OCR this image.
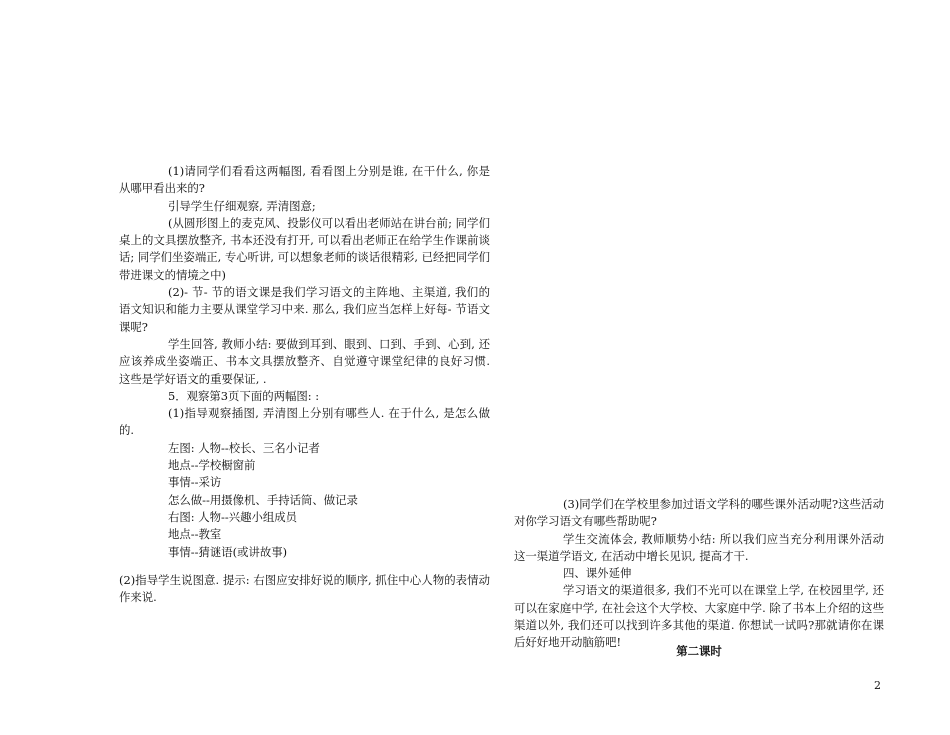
(1)请同学们看看这两幅图, 看看图上分别是谁, 在干什么, 你是从哪甲看出来的?

引导学生仔细观察, 弄清图意;

(从圆形图上的麦克风、投影仪可以看出老师站在讲台前; 同学们桌上的文具摆放整齐, 书本还没有打开, 可以看出老师正在给学生作课前谈话; 同学们坐姿端正, 专心听讲, 可以想象老师的谈话很精彩, 已经把同学们带进课文的情境之中)

(2)- 节- 节的语文课是我们学习语文的主阵地、主渠道, 我们的语文知识和能力主要从课堂学习中来. 那么, 我们应当怎样上好每- 节语文课呢?

学生回答, 教师小结: 要做到耳到、眼到、口到、手到、心到, 还应该养成坐姿端正、书本文具摆放整齐、自觉遵守课堂纪律的良好习惯. 这些是学好语文的重要保证, .

5．观察第3页下面的两幅图: :

(1)指导观察插图, 弄清图上分别有哪些人. 在于什么, 是怎么做的.

左图: 人物--校长、三名小记者

地点--学校橱窗前

事情--采访

怎么做--用摄像机、手持话筒、做记录

右图: 人物--兴趣小组成员

地点--教室

事情--猜谜语(或讲故事)

(2)指导学生说图意. 提示: 右图应安排好说的顺序, 抓住中心人物的表情动作来说.

(3)同学们在学校里参加过语文学科的哪些课外活动呢?这些活动对你学习语文有哪些帮助呢?

学生交流体会, 教师顺势小结: 所以我们应当充分利用课外活动这一渠道学语文, 在活动中增长见识, 提高才干.

四、课外延伸

学习语文的渠道很多, 我们不光可以在课堂上学, 在校园里学, 还可以在家庭中学, 在社会这个大学校、大家庭中学. 除了书本上介绍的这些渠道以外, 我们还可以找到许多其他的渠道. 你想试一试吗?那就请你在课后好好地开动脑筋吧!

第二课时

2
